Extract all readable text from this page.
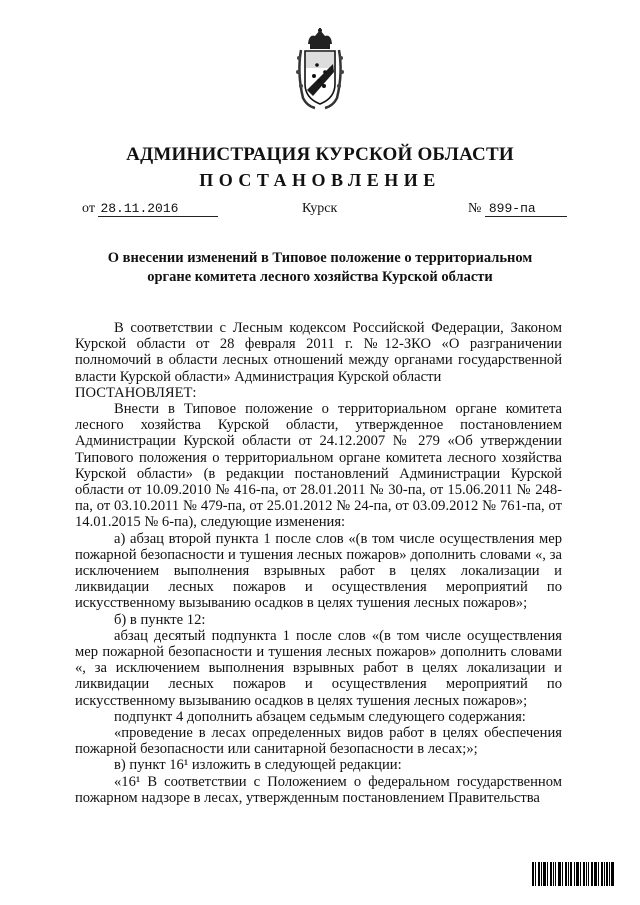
АДМИНИСТРАЦИЯ КУРСКОЙ ОБЛАСТИ
ПОСТАНОВЛЕНИЕ
от 28.11.2016	Курск	№ 899-па
О внесении изменений в Типовое положение о территориальном
органе комитета лесного хозяйства Курской области

В соответствии с Лесным кодексом Российской Федерации, Законом Курской области от 28 февраля 2011 г. №12-ЗКО «О разграничении полномочий в области лесных отношений между органами государственной власти Курской области» Администрация Курской области

ПОСТАНОВЛЯЕТ:

Внести в Типовое положение о территориальном органе комитета лесного хозяйства Курской области, утвержденное постановлением Администрации Курской области от 24.12.2007 № 279 «Об утверждении Типового положения о территориальном органе комитета лесного хозяйства Курской области» (в редакции постановлений Администрации Курской области от 10.09.2010 № 416-па, от 28.01.2011 № 30-па, от 15.06.2011 № 248-па, от 03.10.2011 № 479-па, от 25.01.2012 № 24-па, от 03.09.2012 № 761-па, от 14.01.2015 № 6-па), следующие изменения:

а) абзац второй пункта 1 после слов «(в том числе осуществления мер пожарной безопасности и тушения лесных пожаров» дополнить словами «, за исключением выполнения взрывных работ в целях локализации и ликвидации лесных пожаров и осуществления мероприятий по искусственному вызыванию осадков в целях тушения лесных пожаров»;

б) в пункте 12:

абзац десятый подпункта 1 после слов «(в том числе осуществления мер пожарной безопасности и тушения лесных пожаров» дополнить словами «, за исключением выполнения взрывных работ в целях локализации и ликвидации лесных пожаров и осуществления мероприятий по искусственному вызыванию осадков в целях тушения лесных пожаров»;

подпункт 4 дополнить абзацем седьмым следующего содержания:

«проведение в лесах определенных видов работ в целях обеспечения пожарной безопасности или санитарной безопасности в лесах;»;

в) пункт 16¹ изложить в следующей редакции:

«16¹ В соответствии с Положением о федеральном государственном пожарном надзоре в лесах, утвержденным постановлением Правительства
